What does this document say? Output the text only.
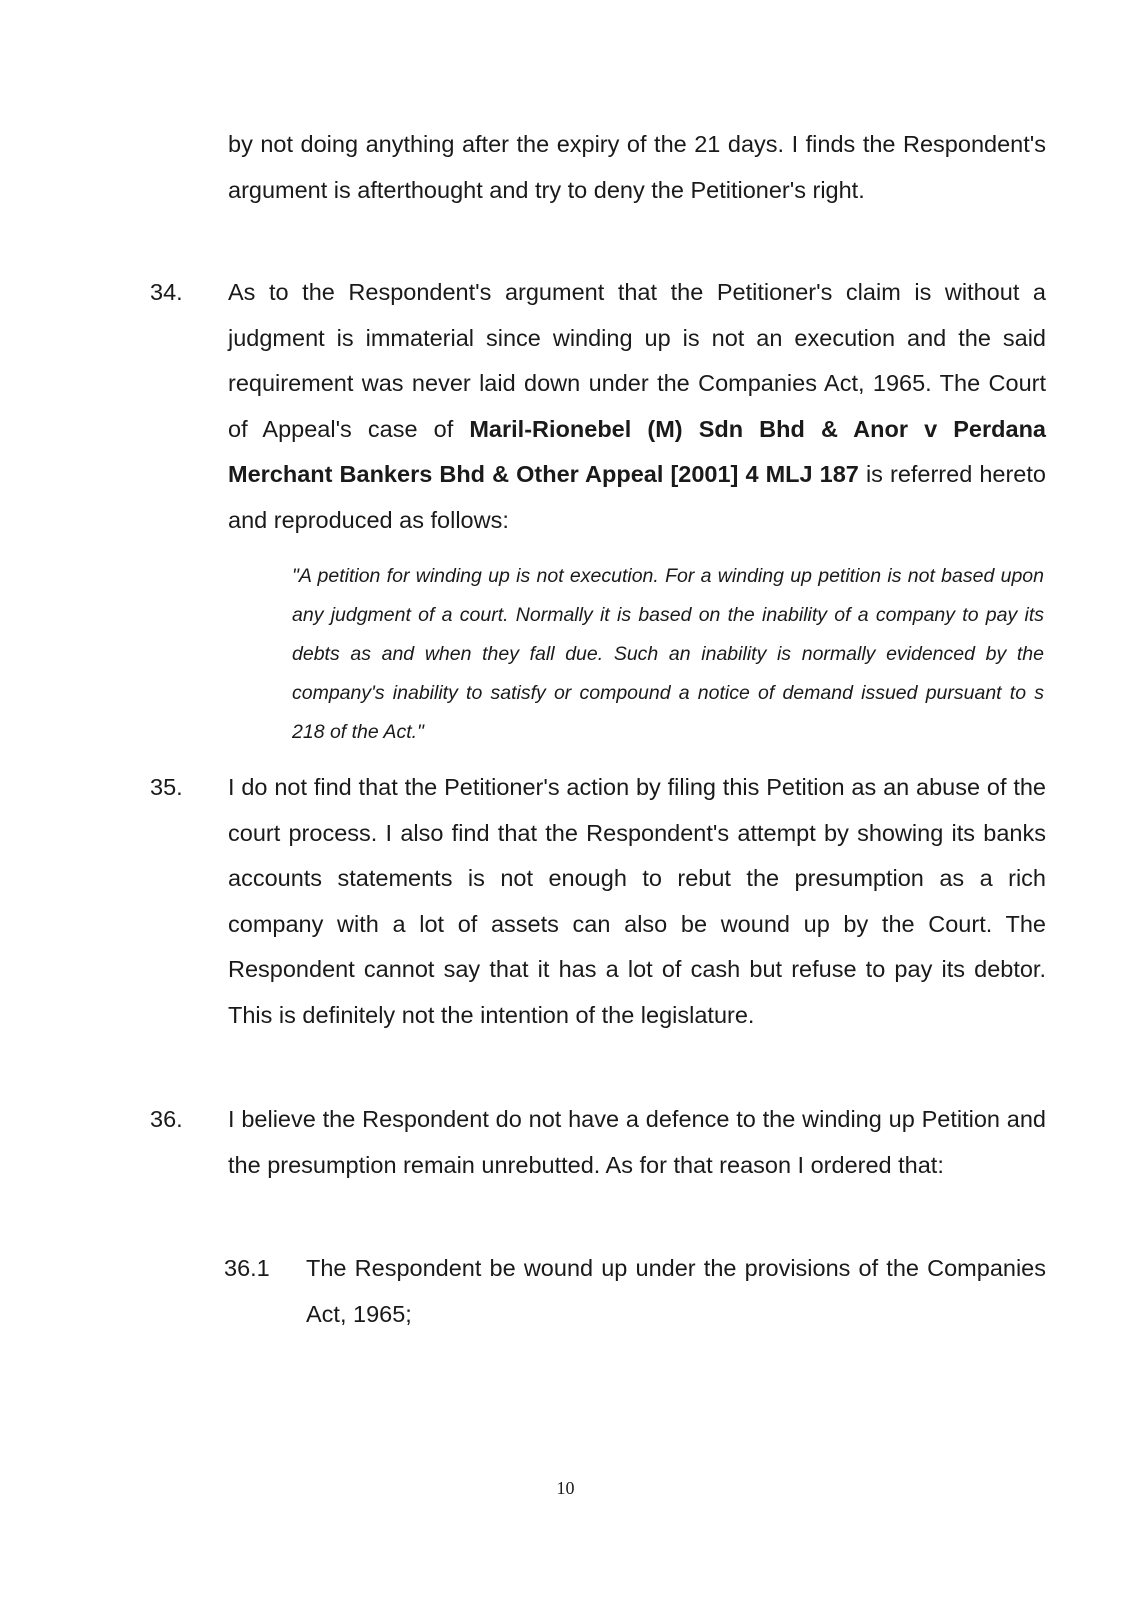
by not doing anything after the expiry of the 21 days. I finds the Respondent's argument is afterthought and try to deny the Petitioner's right.
34. As to the Respondent's argument that the Petitioner's claim is without a judgment is immaterial since winding up is not an execution and the said requirement was never laid down under the Companies Act, 1965. The Court of Appeal's case of Maril-Rionebel (M) Sdn Bhd & Anor v Perdana Merchant Bankers Bhd & Other Appeal [2001] 4 MLJ 187 is referred hereto and reproduced as follows:
"A petition for winding up is not execution. For a winding up petition is not based upon any judgment of a court. Normally it is based on the inability of a company to pay its debts as and when they fall due. Such an inability is normally evidenced by the company's inability to satisfy or compound a notice of demand issued pursuant to s 218 of the Act."
35. I do not find that the Petitioner's action by filing this Petition as an abuse of the court process. I also find that the Respondent's attempt by showing its banks accounts statements is not enough to rebut the presumption as a rich company with a lot of assets can also be wound up by the Court. The Respondent cannot say that it has a lot of cash but refuse to pay its debtor. This is definitely not the intention of the legislature.
36. I believe the Respondent do not have a defence to the winding up Petition and the presumption remain unrebutted. As for that reason I ordered that:
36.1 The Respondent be wound up under the provisions of the Companies Act, 1965;
10
